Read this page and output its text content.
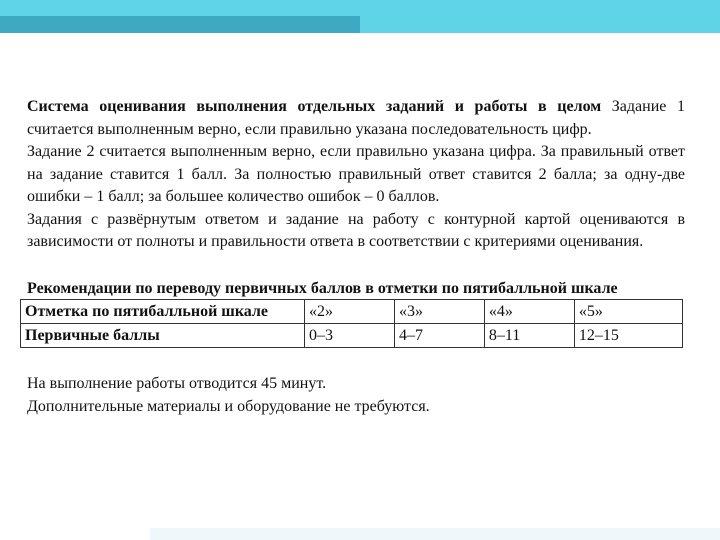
Система оценивания выполнения отдельных заданий и работы в целом Задание 1 считается выполненным верно, если правильно указана последовательность цифр.

Задание 2 считается выполненным верно, если правильно указана цифра. За правильный ответ на задание ставится 1 балл. За полностью правильный ответ ставится 2 балла; за одну-две ошибки – 1 балл; за большее количество ошибок – 0 баллов.

Задания с развёрнутым ответом и задание на работу с контурной картой оцениваются в зависимости от полноты и правильности ответа в соответствии с критериями оценивания.

Рекомендации по переводу первичных баллов в отметки по пятибалльной шкале
Отметка по пятибалльной шкале	«2»	«3»	«4»	«5»
Первичные баллы	0–3	4–7	8–11	12–15

На выполнение работы отводится 45 минут.

Дополнительные материалы и оборудование не требуются.
